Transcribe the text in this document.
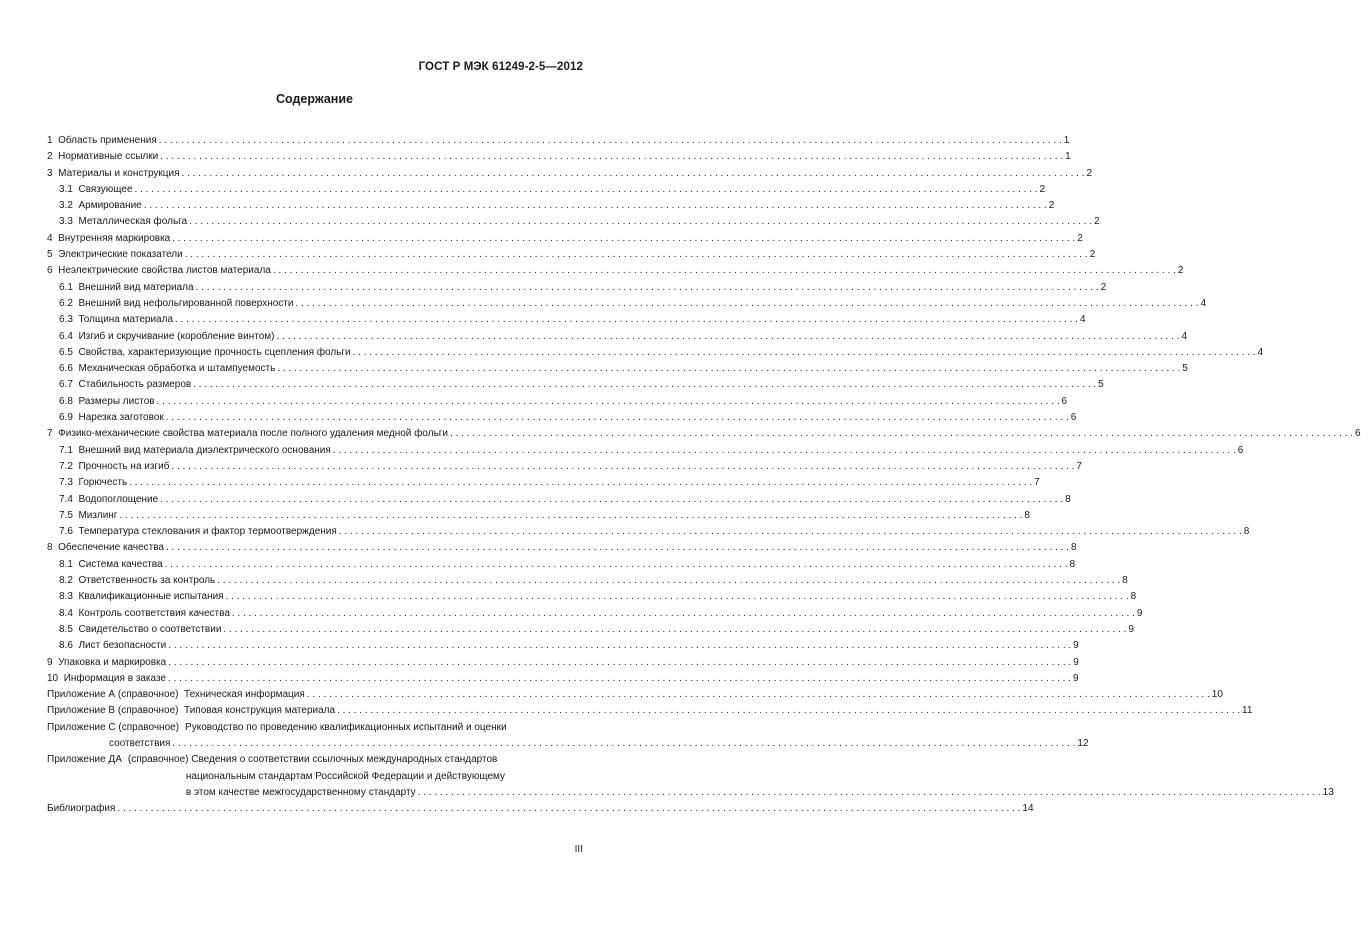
ГОСТ Р МЭК 61249-2-5—2012
Содержание
1 Область применения . . .	1
2 Нормативные ссылки . . .	1
3 Материалы и конструкция . . .	2
3.1 Связующее . . .	2
3.2 Армирование . . .	2
3.3 Металлическая фольга . . .	2
4 Внутренняя маркировка . . .	2
5 Электрические показатели . . .	2
6 Неэлектрические свойства листов материала . . .	2
6.1 Внешний вид материала . . .	2
6.2 Внешний вид нефольгированной поверхности . . .	4
6.3 Толщина материала . . .	4
6.4 Изгиб и скручивание (коробление винтом) . . .	4
6.5 Свойства, характеризующие прочность сцепления фольги . . .	4
6.6 Механическая обработка и штампуемость . . .	5
6.7 Стабильность размеров . . .	5
6.8 Размеры листов . . .	6
6.9 Нарезка заготовок . . .	6
7 Физико-механические свойства материала после полного удаления медной фольги . . .	6
7.1 Внешний вид материала диэлектрического основания . . .	6
7.2 Прочность на изгиб . . .	7
7.3 Горючесть . . .	7
7.4 Водопоглощение . . .	8
7.5 Мизлинг . . .	8
7.6 Температура стеклования и фактор термоотверждения . . .	8
8 Обеспечение качества . . .	8
8.1 Система качества . . .	8
8.2 Ответственность за контроль . . .	8
8.3 Квалификационные испытания . . .	8
8.4 Контроль соответствия качества . . .	9
8.5 Свидетельство о соответствии . . .	9
8.6 Лист безопасности . . .	9
9 Упаковка и маркировка . . .	9
10 Информация в заказе . . .	9
Приложение А (справочное) Техническая информация . . .	10
Приложение В (справочное) Типовая конструкция материала . . .	11
Приложение С (справочное) Руководство по проведению квалификационных испытаний и оценки
соответствия . . .	12
Приложение ДА (справочное) Сведения о соответствии ссылочных международных стандартов
национальным стандартам Российской Федерации и действующему
в этом качестве межгосударственному стандарту . . .	13
Библиография . . .	14
III
